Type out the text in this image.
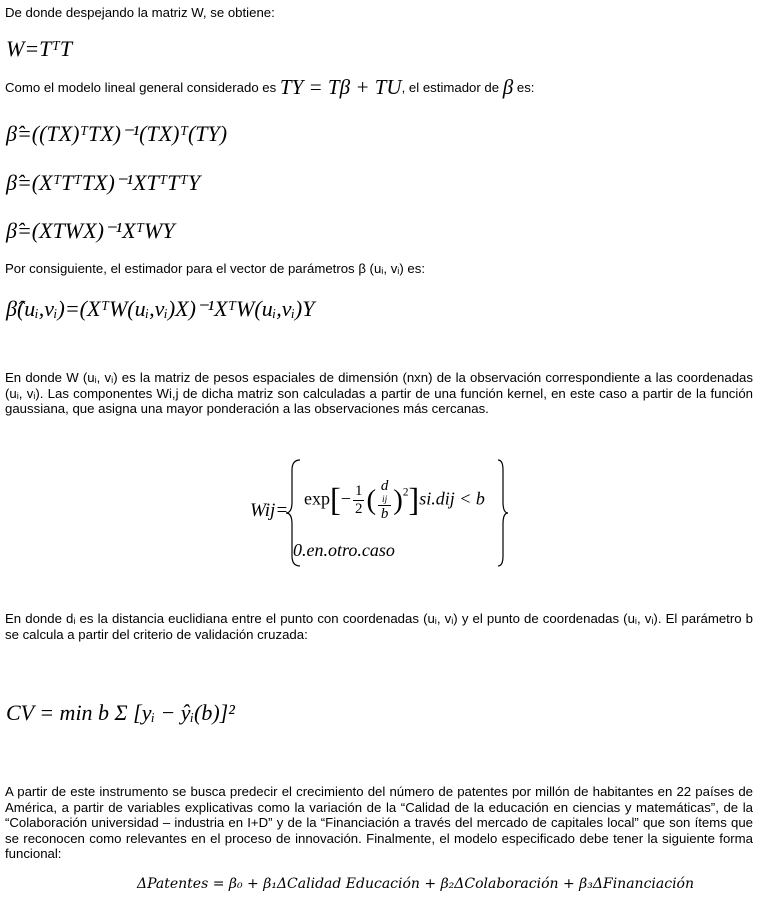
De donde despejando la matriz W, se obtiene:
W=TᵀT
Como el modelo lineal general considerado es TY = Tβ + TU, el estimador de β es:
β̂=((TX)ᵀTX)⁻¹(TX)ᵀ(TY)
β̂=(XᵀTᵀTX)⁻¹XTᵀTᵀY
β̂=(XTWX)⁻¹XᵀWY
Por consiguiente, el estimador para el vector de parámetros β (uᵢ, vᵢ) es:
β̂(uᵢ,vᵢ)=(XᵀW(uᵢ,vᵢ)X)⁻¹XᵀW(uᵢ,vᵢ)Y
En donde W (uᵢ, vᵢ) es la matriz de pesos espaciales de dimensión (nxn) de la observación correspondiente a las coordenadas (uᵢ, vᵢ). Las componentes Wi,j de dicha matriz son calculadas a partir de una función kernel, en este caso a partir de la función gaussiana, que asigna una mayor ponderación a las observaciones más cercanas.
Wij=
$\exp[- \frac{1}{2}$ ( d
ij
b )$^2$]si.dij < b
0.en.otro.caso
En donde dᵢ es la distancia euclidiana entre el punto con coordenadas (uᵢ, vᵢ) y el punto de coordenadas (uᵢ, vᵢ). El parámetro b se calcula a partir del criterio de validación cruzada:
CV = min b Σ [yᵢ − ŷᵢ(b)]²
A partir de este instrumento se busca predecir el crecimiento del número de patentes por millón de habitantes en 22 países de América, a partir de variables explicativas como la variación de la “Calidad de la educación en ciencias y matemáticas”, de la “Colaboración universidad – industria en I+D” y de la “Financiación a través del mercado de capitales local” que son ítems que se reconocen como relevantes en el proceso de innovación. Finalmente, el modelo especificado debe tener la siguiente forma funcional:
ΔPatentes = β₀ + β₁ΔCalidad Educación + β₂ΔColaboración + β₃ΔFinanciación
